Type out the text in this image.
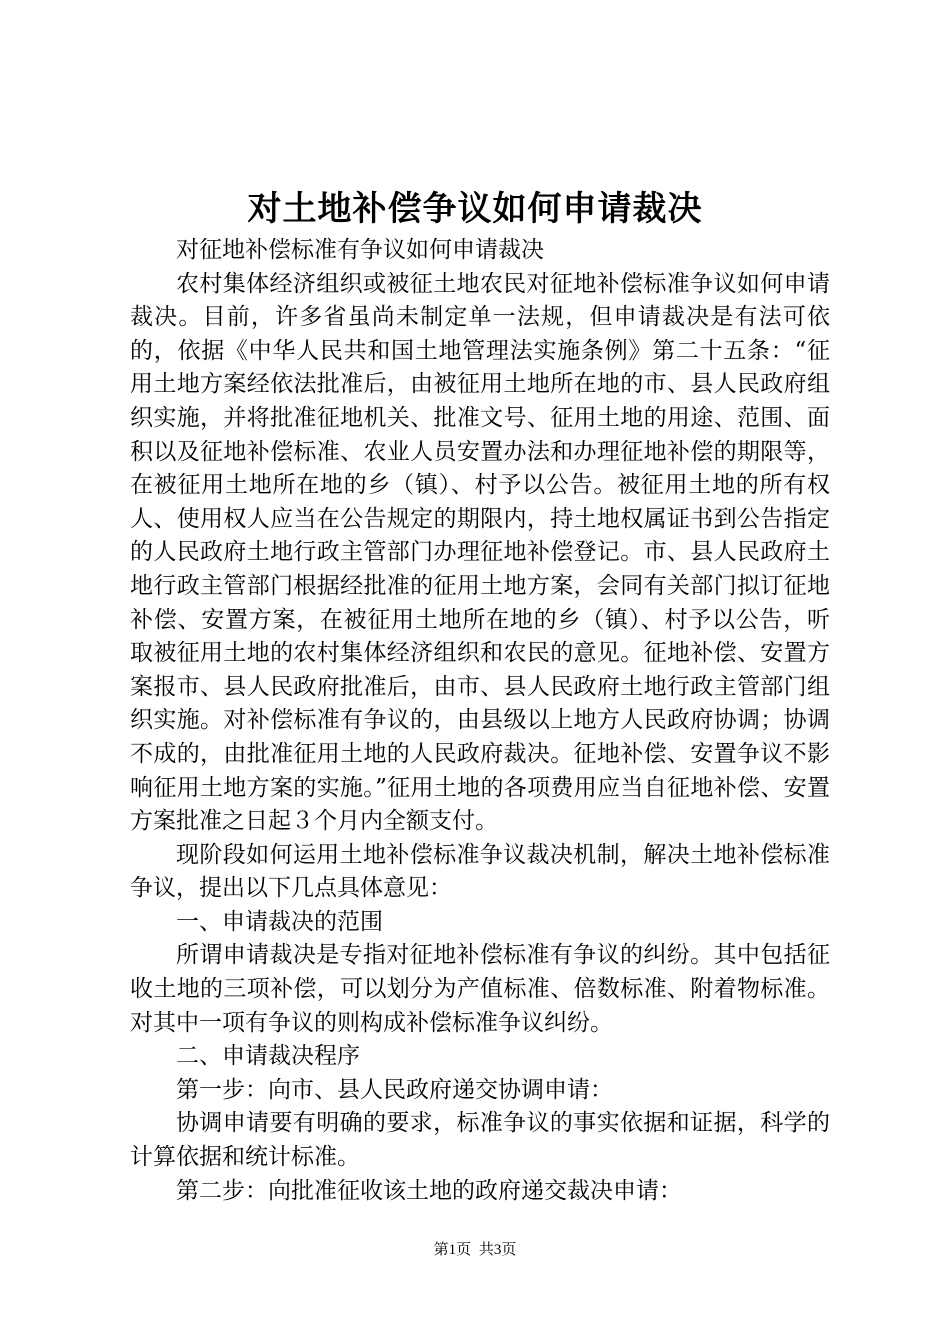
对土地补偿争议如何申请裁决

对征地补偿标准有争议如何申请裁决

农村集体经济组织或被征土地农民对征地补偿标准争议如何申请裁决。目前，许多省虽尚未制定单一法规，但申请裁决是有法可依的，依据《中华人民共和国土地管理法实施条例》第二十五条：“征用土地方案经依法批准后，由被征用土地所在地的市、县人民政府组织实施，并将批准征地机关、批准文号、征用土地的用途、范围、面积以及征地补偿标准、农业人员安置办法和办理征地补偿的期限等，在被征用土地所在地的乡（镇）、村予以公告。被征用土地的所有权人、使用权人应当在公告规定的期限内，持土地权属证书到公告指定的人民政府土地行政主管部门办理征地补偿登记。市、县人民政府土地行政主管部门根据经批准的征用土地方案，会同有关部门拟订征地补偿、安置方案，在被征用土地所在地的乡（镇）、村予以公告，听取被征用土地的农村集体经济组织和农民的意见。征地补偿、安置方案报市、县人民政府批准后，由市、县人民政府土地行政主管部门组织实施。对补偿标准有争议的，由县级以上地方人民政府协调；协调不成的，由批准征用土地的人民政府裁决。征地补偿、安置争议不影响征用土地方案的实施。”征用土地的各项费用应当自征地补偿、安置方案批准之日起３个月内全额支付。

现阶段如何运用土地补偿标准争议裁决机制，解决土地补偿标准争议，提出以下几点具体意见：

一、申请裁决的范围

所谓申请裁决是专指对征地补偿标准有争议的纠纷。其中包括征收土地的三项补偿，可以划分为产值标准、倍数标准、附着物标准。对其中一项有争议的则构成补偿标准争议纠纷。

二、申请裁决程序

第一步：向市、县人民政府递交协调申请：

协调申请要有明确的要求，标准争议的事实依据和证据，科学的计算依据和统计标准。

第二步：向批准征收该土地的政府递交裁决申请：

第1页 共3页
